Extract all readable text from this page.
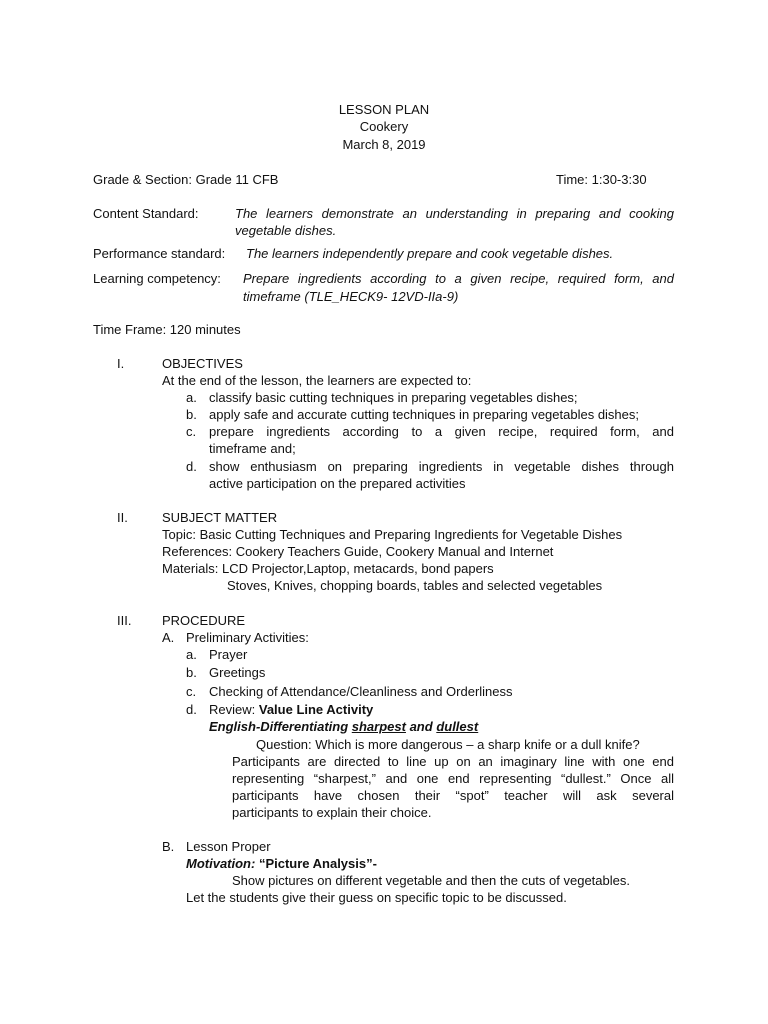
LESSON PLAN
Cookery
March 8, 2019
Grade & Section: Grade 11 CFB	Time: 1:30-3:30
Content Standard:	The learners demonstrate an understanding in preparing and cooking
vegetable dishes.
Performance standard: The learners independently prepare and cook vegetable dishes.
Learning competency: Prepare ingredients according to a given recipe, required form, and
timeframe (TLE_HECK9- 12VD-IIa-9)
Time Frame: 120 minutes
I.	OBJECTIVES
At the end of the lesson, the learners are expected to:
a. classify basic cutting techniques in preparing vegetables dishes;
b. apply safe and accurate cutting techniques in preparing vegetables dishes;
c. prepare ingredients according to a given recipe, required form, and
timeframe and;
d. show enthusiasm on preparing ingredients in vegetable dishes through
active participation on the prepared activities
II.	SUBJECT MATTER
Topic: Basic Cutting Techniques and Preparing Ingredients for Vegetable Dishes
References: Cookery Teachers Guide, Cookery Manual and Internet
Materials: LCD Projector,Laptop, metacards, bond papers
Stoves, Knives, chopping boards, tables and selected vegetables
III. PROCEDURE
A. Preliminary Activities:
a. Prayer
b. Greetings
c. Checking of Attendance/Cleanliness and Orderliness
d. Review: Value Line Activity
English-Differentiating sharpest and dullest
Question: Which is more dangerous – a sharp knife or a dull knife?
Participants are directed to line up on an imaginary line with one end
representing “sharpest,” and one end representing “dullest.” Once all
participants have chosen their “spot” teacher will ask several
participants to explain their choice.
B. Lesson Proper
Motivation: “Picture Analysis”-
Show pictures on different vegetable and then the cuts of vegetables.
Let the students give their guess on specific topic to be discussed.
